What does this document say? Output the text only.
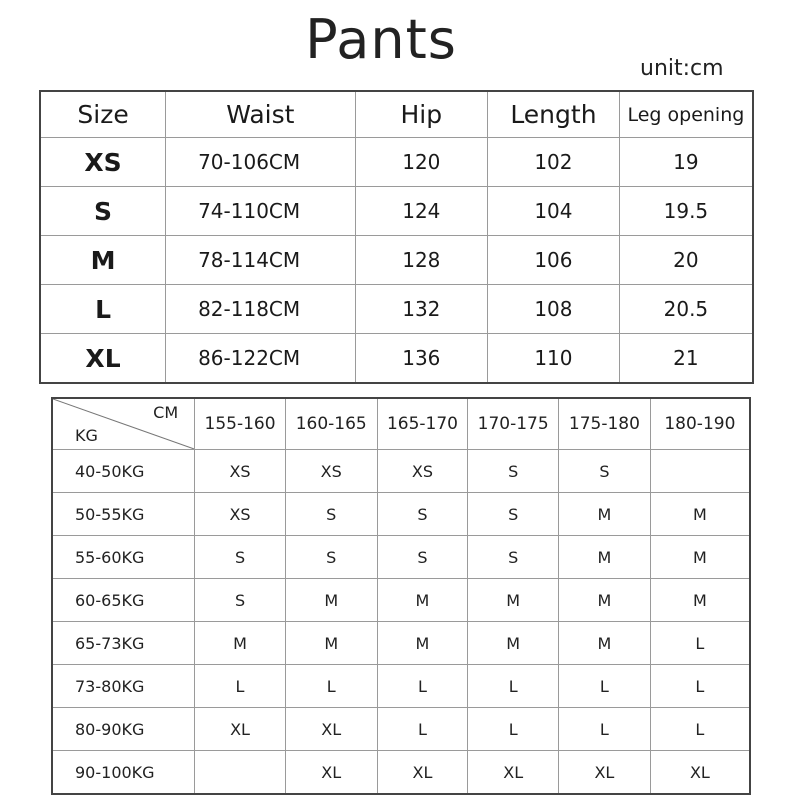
Pants	unit:cm
Size	Waist	Hip	Length	Leg opening
XS	70-106CM	120	102	19
S	74-110CM	124	104	19.5
M	78-114CM	128	106	20
L	82-118CM	132	108	20.5
XL	86-122CM	136	110	21
CM
KG	155-160	160-165	165-170	170-175	175-180	180-190
40-50KG	XS	XS	XS	S	S	
50-55KG	XS	S	S	S	M	M
55-60KG	S	S	S	S	M	M
60-65KG	S	M	M	M	M	M
65-73KG	M	M	M	M	M	L
73-80KG	L	L	L	L	L	L
80-90KG	XL	XL	L	L	L	L
90-100KG		XL	XL	XL	XL	XL
